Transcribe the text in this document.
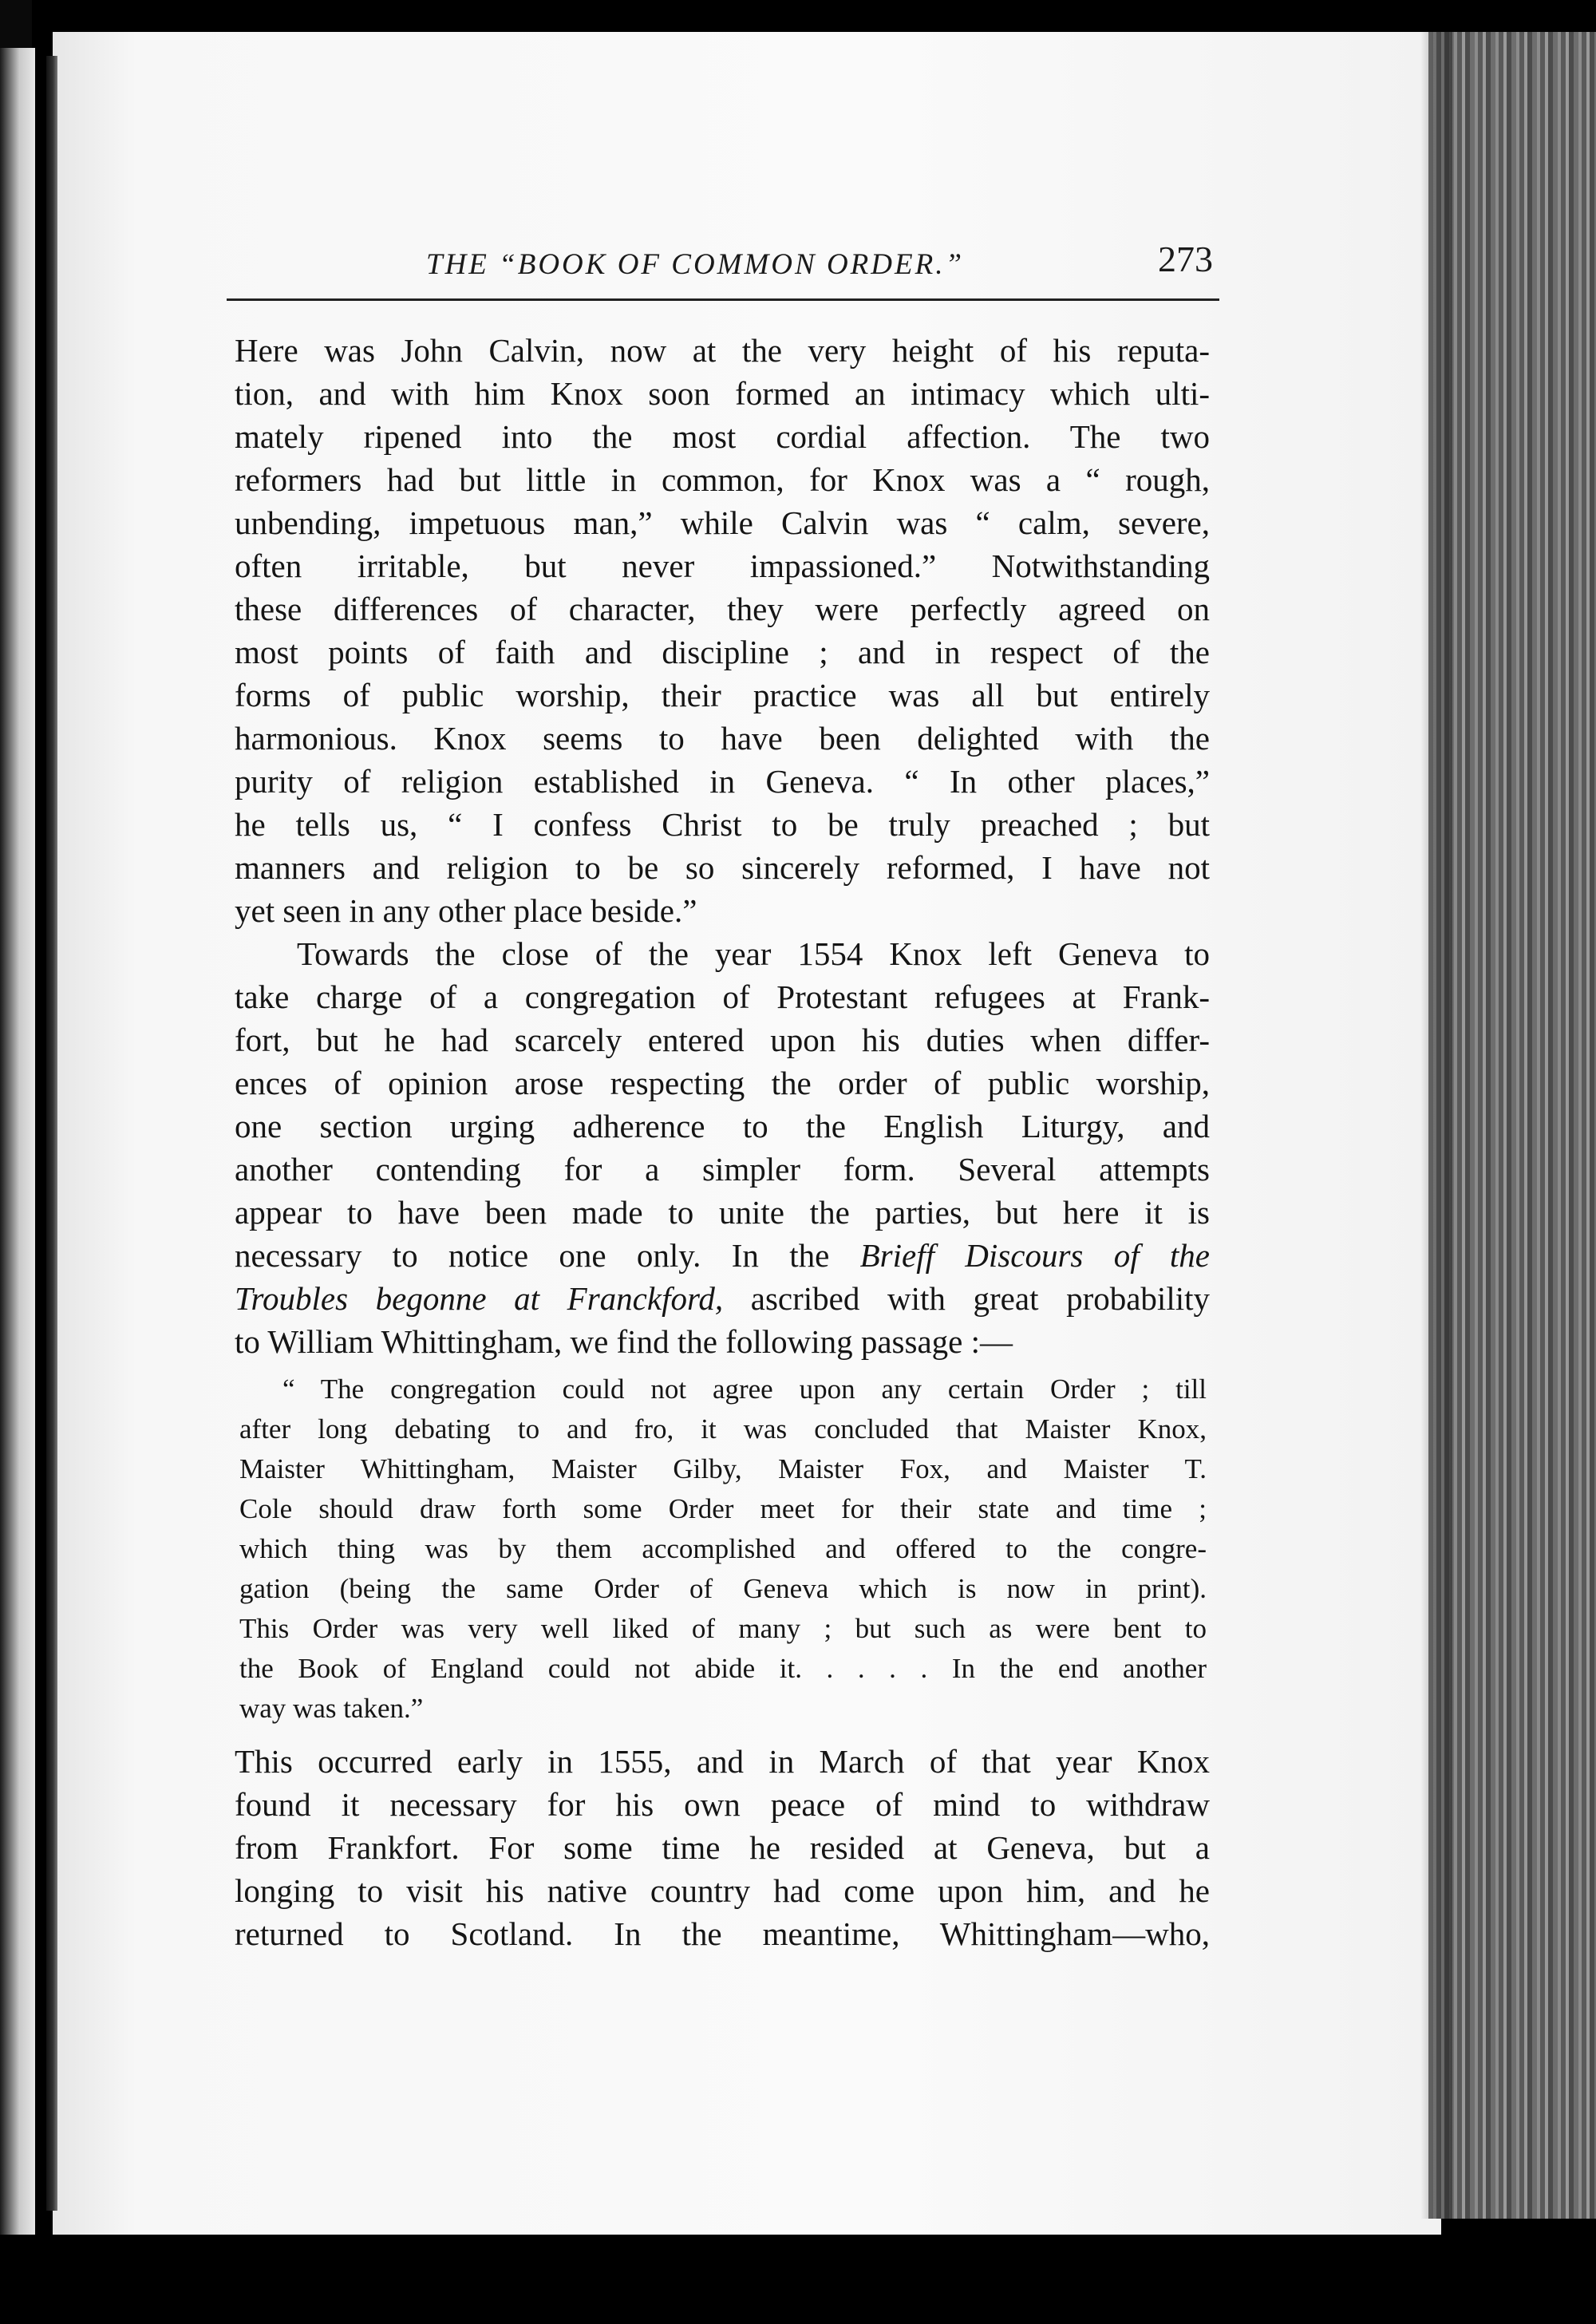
THE “BOOK OF COMMON ORDER.”	273
Here was John Calvin, now at the very height of his reputa-
tion, and with him Knox soon formed an intimacy which ulti-
mately ripened into the most cordial affection. The two
reformers had but little in common, for Knox was a “ rough,
unbending, impetuous man,” while Calvin was “ calm, severe,
often irritable, but never impassioned.” Notwithstanding
these differences of character, they were perfectly agreed on
most points of faith and discipline ; and in respect of the
forms of public worship, their practice was all but entirely
harmonious. Knox seems to have been delighted with the
purity of religion established in Geneva. “ In other places,”
he tells us, “ I confess Christ to be truly preached ; but
manners and religion to be so sincerely reformed, I have not
yet seen in any other place beside.”
Towards the close of the year 1554 Knox left Geneva to
take charge of a congregation of Protestant refugees at Frank-
fort, but he had scarcely entered upon his duties when differ-
ences of opinion arose respecting the order of public worship,
one section urging adherence to the English Liturgy, and
another contending for a simpler form. Several attempts
appear to have been made to unite the parties, but here it is
necessary to notice one only. In the Brieff Discours of the
Troubles begonne at Franckford, ascribed with great probability
to William Whittingham, we find the following passage :—
“ The congregation could not agree upon any certain Order ; till
after long debating to and fro, it was concluded that Maister Knox,
Maister Whittingham, Maister Gilby, Maister Fox, and Maister T.
Cole should draw forth some Order meet for their state and time ;
which thing was by them accomplished and offered to the congre-
gation (being the same Order of Geneva which is now in print).
This Order was very well liked of many ; but such as were bent to
the Book of England could not abide it. . . . . In the end another
way was taken.”
This occurred early in 1555, and in March of that year Knox
found it necessary for his own peace of mind to withdraw
from Frankfort. For some time he resided at Geneva, but a
longing to visit his native country had come upon him, and he
returned to Scotland. In the meantime, Whittingham—who,
